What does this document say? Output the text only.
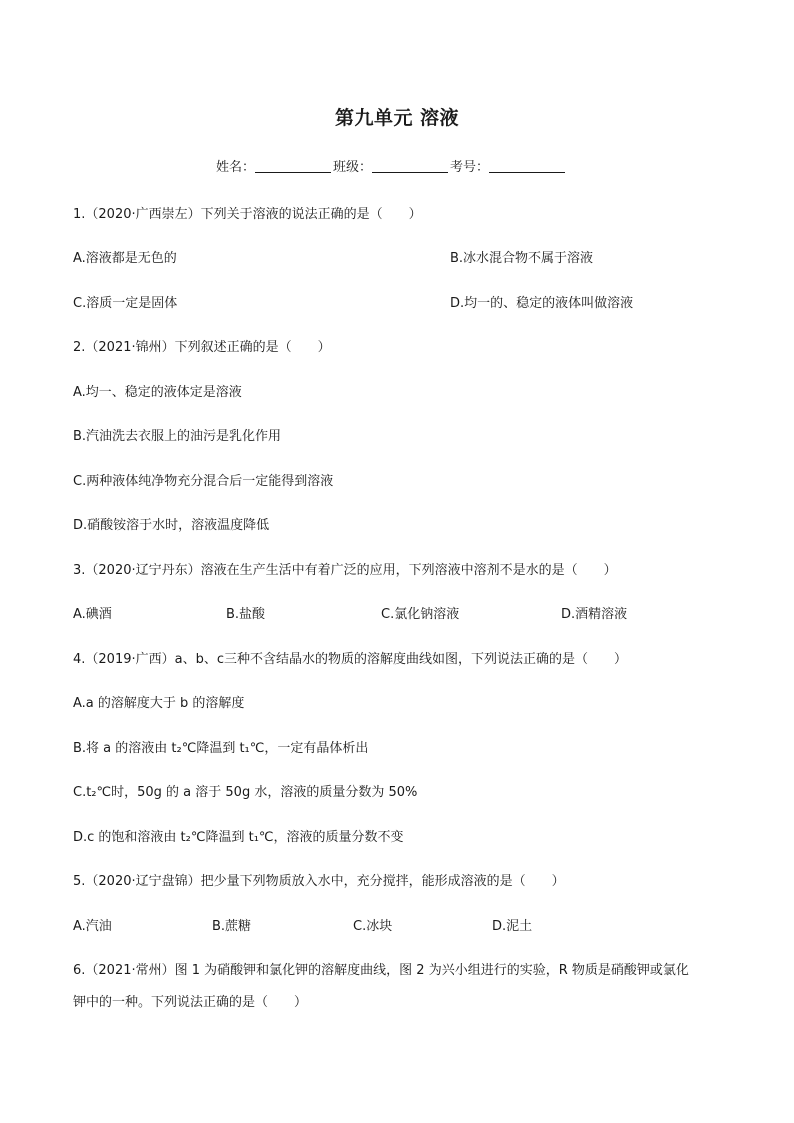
第九单元 溶液
姓名：	班级：	考号：
1.（2020·广西崇左）下列关于溶液的说法正确的是（　　）
A.溶液都是无色的	B.冰水混合物不属于溶液
C.溶质一定是固体	D.均一的、稳定的液体叫做溶液
2.（2021·锦州）下列叙述正确的是（　　）
A.均一、稳定的液体定是溶液
B.汽油洗去衣服上的油污是乳化作用
C.两种液体纯净物充分混合后一定能得到溶液
D.硝酸铵溶于水时，溶液温度降低
3.（2020·辽宁丹东）溶液在生产生活中有着广泛的应用，下列溶液中溶剂不是水的是（　　）
A.碘酒	B.盐酸	C.氯化钠溶液	D.酒精溶液
4.（2019·广西）a、b、c三种不含结晶水的物质的溶解度曲线如图，下列说法正确的是（　　）
A.a 的溶解度大于 b 的溶解度
B.将 a 的溶液由 t₂℃降温到 t₁℃，一定有晶体析出
C.t₂℃时，50g 的 a 溶于 50g 水，溶液的质量分数为 50%
D.c 的饱和溶液由 t₂℃降温到 t₁℃，溶液的质量分数不变
5.（2020·辽宁盘锦）把少量下列物质放入水中，充分搅拌，能形成溶液的是（　　）
A.汽油	B.蔗糖	C.冰块	D.泥土
6.（2021·常州）图 1 为硝酸钾和氯化钾的溶解度曲线，图 2 为兴小组进行的实验，R 物质是硝酸钾或氯化
钾中的一种。下列说法正确的是（　　）
